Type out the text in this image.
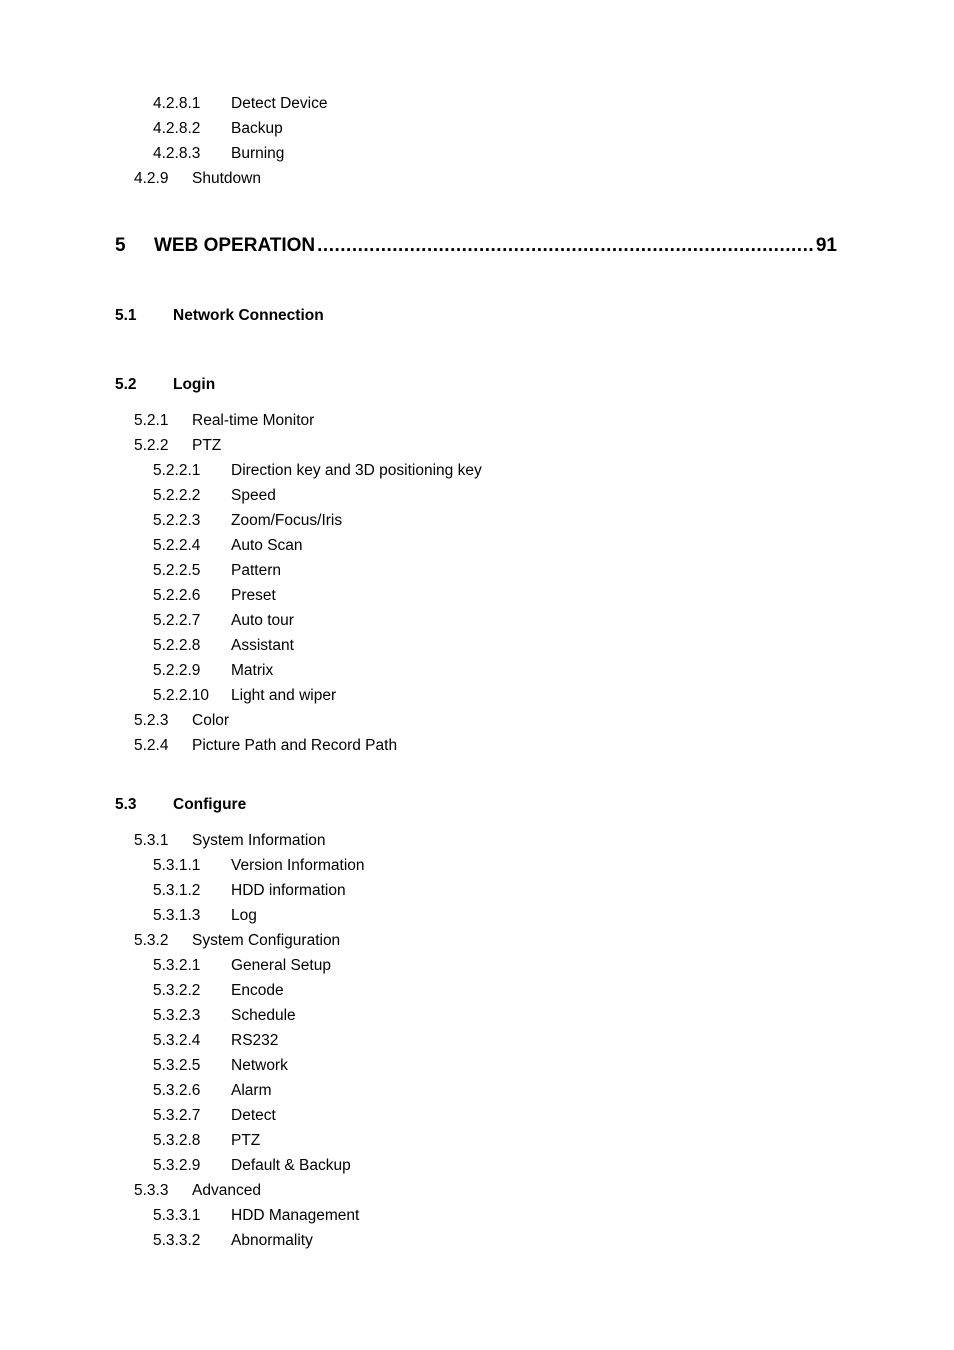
5 WEB OPERATION
.....	91
5.1 Network Connection
5.2 Login
5.3 Configure
4.2.8.1 Detect Device
4.2.8.2 Backup
4.2.8.3 Burning
4.2.9 Shutdown
5.2.1 Real-time Monitor
5.2.2 PTZ
5.2.2.1 Direction key and 3D positioning key
5.2.2.2 Speed
5.2.2.3 Zoom/Focus/Iris
5.2.2.4 Auto Scan
5.2.2.5 Pattern
5.2.2.6 Preset
5.2.2.7 Auto tour
5.2.2.8 Assistant
5.2.2.9 Matrix
5.2.2.10 Light and wiper
5.2.3 Color
5.2.4 Picture Path and Record Path
5.3.1 System Information
5.3.1.1 Version Information
5.3.1.2 HDD information
5.3.1.3 Log
5.3.2 System Configuration
5.3.2.1 General Setup
5.3.2.2 Encode
5.3.2.3 Schedule
5.3.2.4 RS232
5.3.2.5 Network
5.3.2.6 Alarm
5.3.2.7 Detect
5.3.2.8 PTZ
5.3.2.9 Default & Backup
5.3.3 Advanced
5.3.3.1 HDD Management
5.3.3.2 Abnormality
